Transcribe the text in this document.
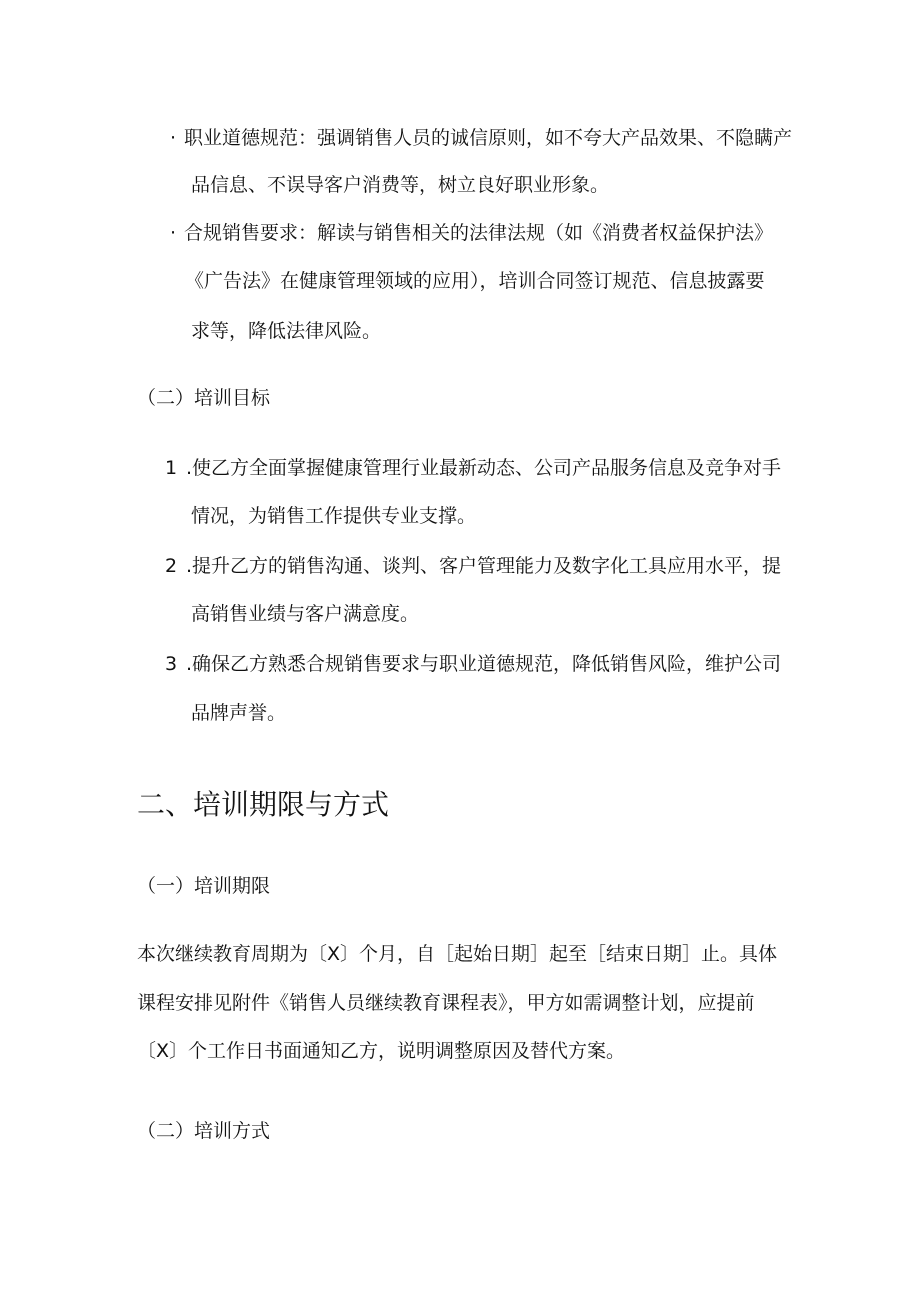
· 职业道德规范：强调销售人员的诚信原则，如不夸大产品效果、不隐瞒产
品信息、不误导客户消费等，树立良好职业形象。
· 合规销售要求：解读与销售相关的法律法规（如《消费者权益保护法》
《广告法》在健康管理领域的应用），培训合同签订规范、信息披露要
求等，降低法律风险。
（二）培训目标
1 .使乙方全面掌握健康管理行业最新动态、公司产品服务信息及竞争对手
情况，为销售工作提供专业支撑。
2 .提升乙方的销售沟通、谈判、客户管理能力及数字化工具应用水平，提
高销售业绩与客户满意度。
3 .确保乙方熟悉合规销售要求与职业道德规范，降低销售风险，维护公司
品牌声誉。
二、培训期限与方式
（一）培训期限
本次继续教育周期为〔X〕个月，自［起始日期］起至［结束日期］止。具体
课程安排见附件《销售人员继续教育课程表》，甲方如需调整计划，应提前
〔X〕个工作日书面通知乙方，说明调整原因及替代方案。
（二）培训方式
